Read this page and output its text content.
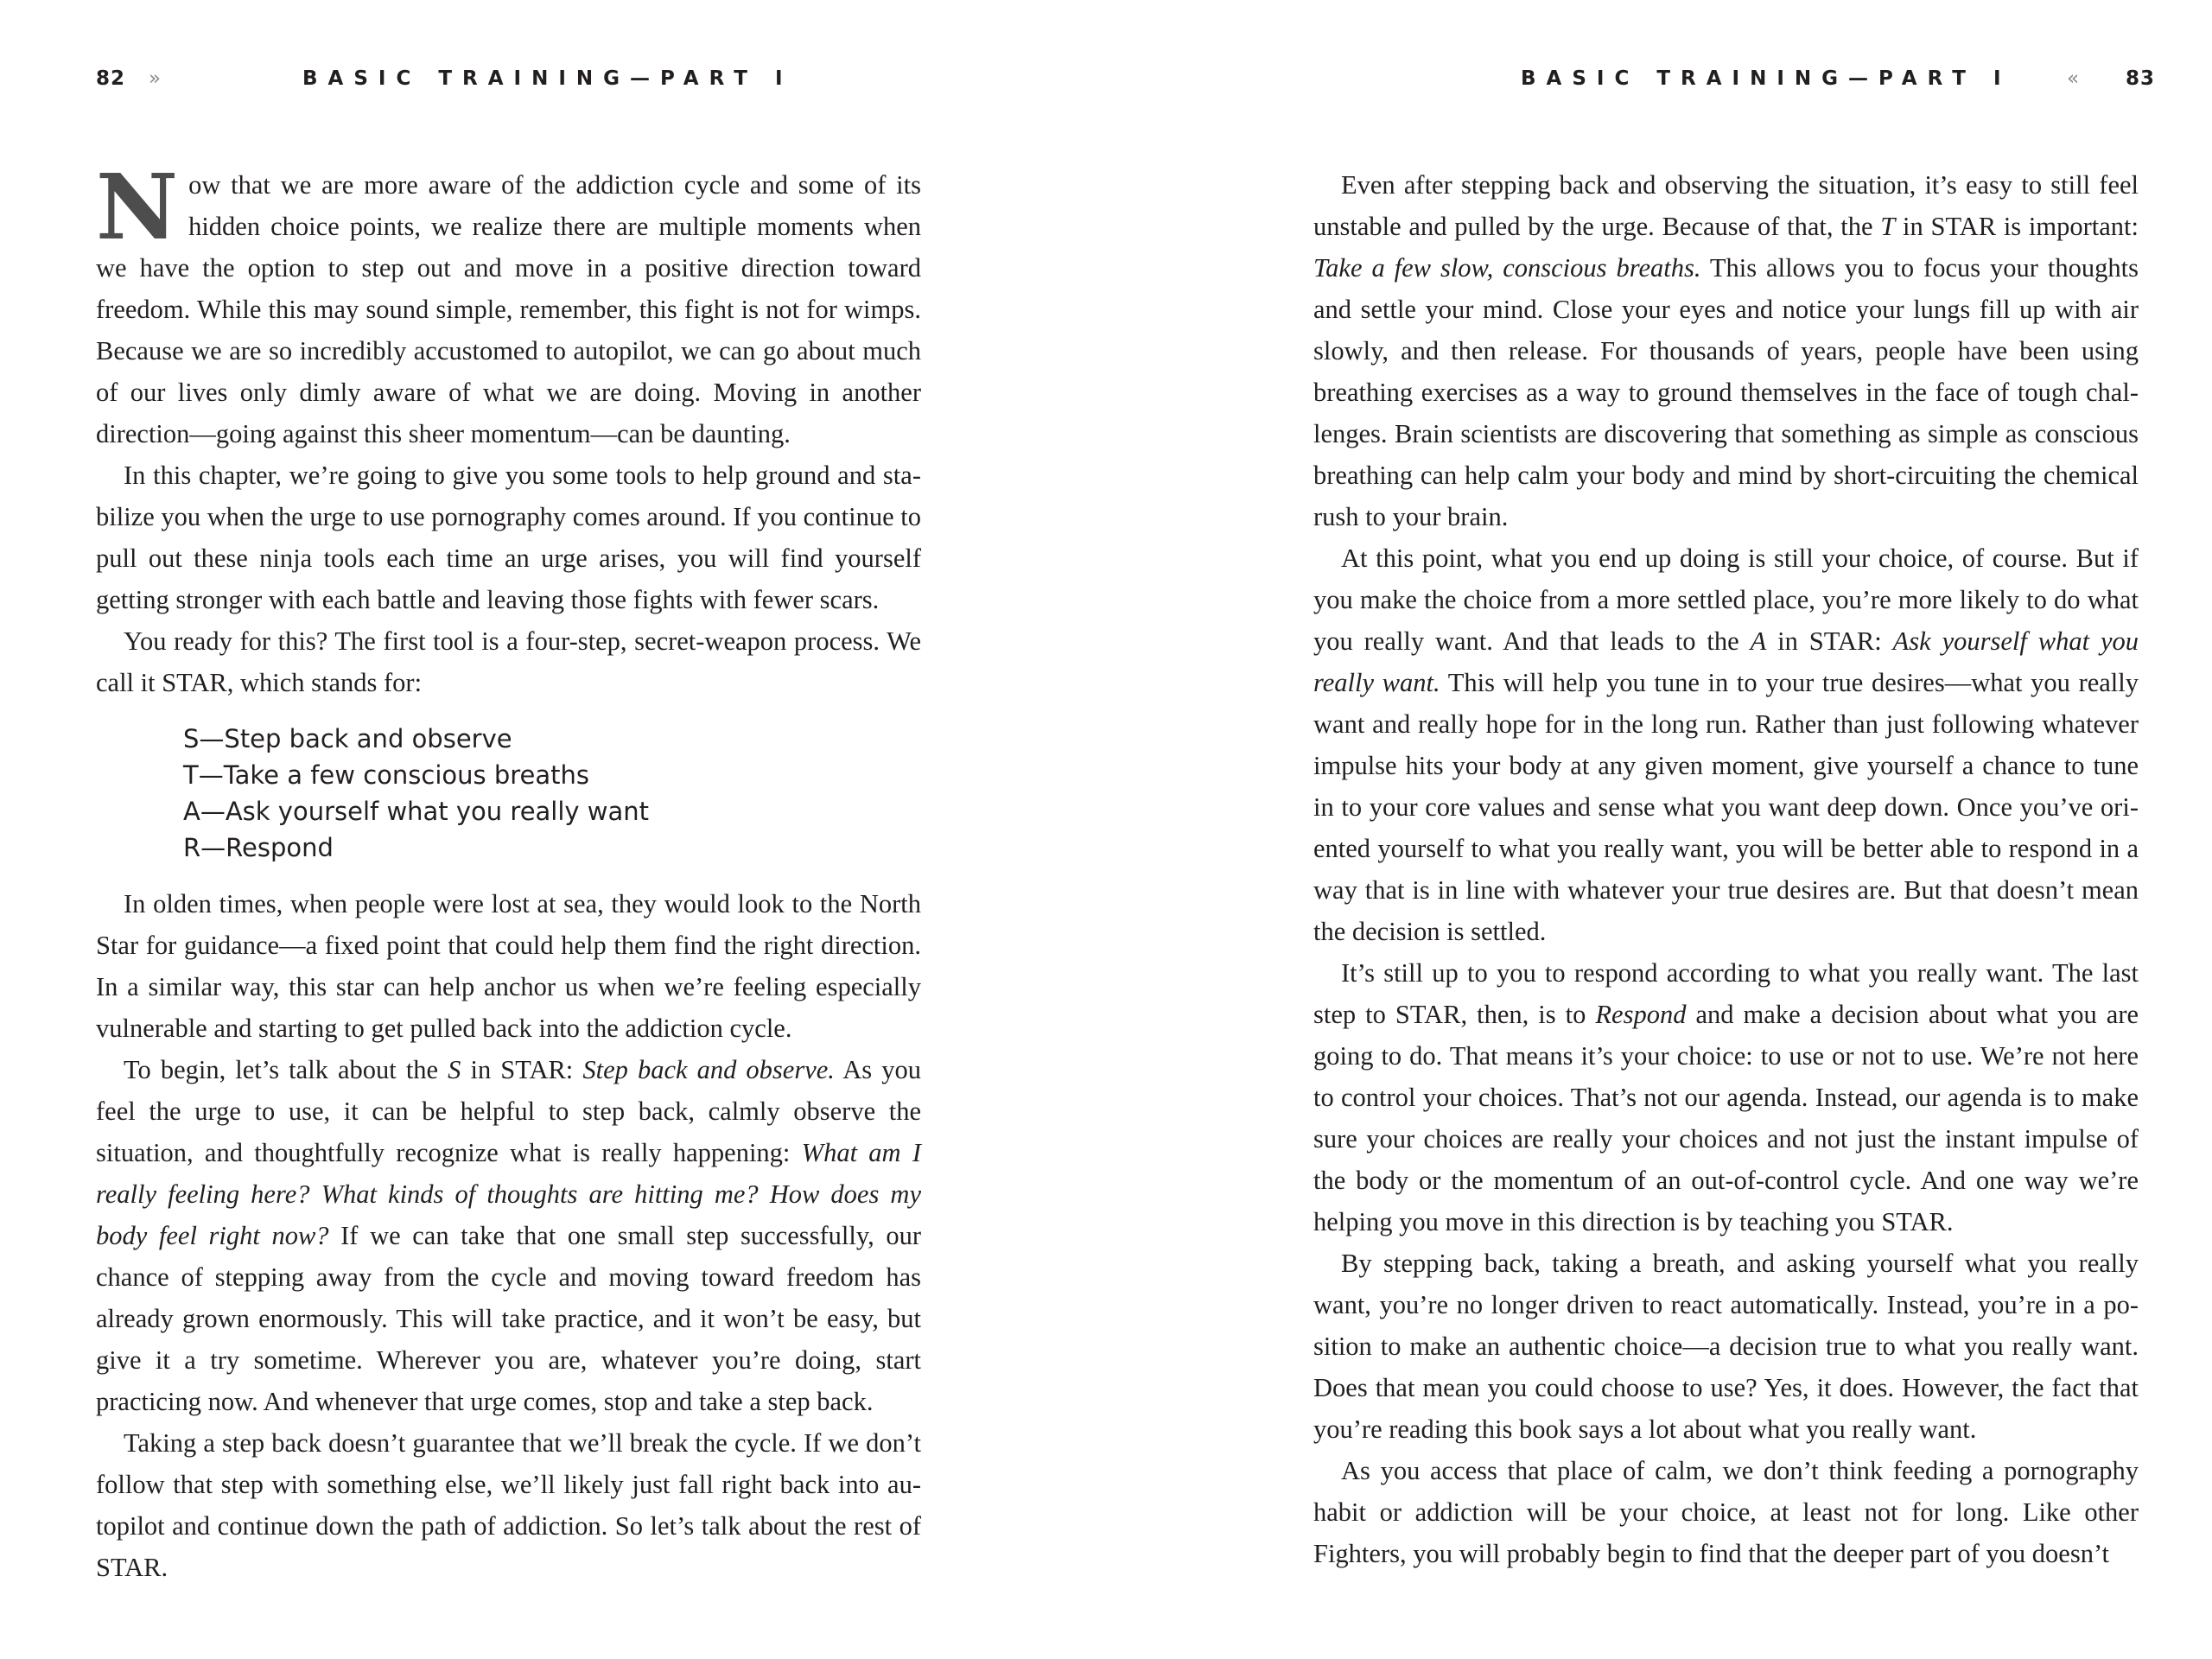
82 »	BASIC TRAINING—PART I

Now that we are more aware of the addiction cycle and some of its hidden choice points, we realize there are multiple moments when we have the option to step out and move in a positive direction toward freedom. While this may sound simple, remember, this fight is not for wimps. Because we are so incredibly accustomed to autopilot, we can go about much of our lives only dimly aware of what we are doing. Moving in another direction—going against this sheer momentum—can be daunting.

In this chapter, we’re going to give you some tools to help ground and stabilize you when the urge to use pornography comes around. If you continue to pull out these ninja tools each time an urge arises, you will find yourself getting stronger with each battle and leaving those fights with fewer scars.

You ready for this? The first tool is a four-step, secret-weapon process. We call it STAR, which stands for:

S—Step back and observe
T—Take a few conscious breaths
A—Ask yourself what you really want
R—Respond

In olden times, when people were lost at sea, they would look to the North Star for guidance—a fixed point that could help them find the right direction. In a similar way, this star can help anchor us when we’re feeling especially vulnerable and starting to get pulled back into the addiction cycle.

To begin, let’s talk about the S in STAR: Step back and observe. As you feel the urge to use, it can be helpful to step back, calmly observe the situation, and thoughtfully recognize what is really happening: What am I really feeling here? What kinds of thoughts are hitting me? How does my body feel right now? If we can take that one small step successfully, our chance of stepping away from the cycle and moving toward freedom has already grown enormously. This will take practice, and it won’t be easy, but give it a try sometime. Wherever you are, whatever you’re doing, start practicing now. And whenever that urge comes, stop and take a step back.

Taking a step back doesn’t guarantee that we’ll break the cycle. If we don’t follow that step with something else, we’ll likely just fall right back into autopilot and continue down the path of addiction. So let’s talk about the rest of STAR.

BASIC TRAINING—PART I	«	83

Even after stepping back and observing the situation, it’s easy to still feel unstable and pulled by the urge. Because of that, the T in STAR is important: Take a few slow, conscious breaths. This allows you to focus your thoughts and settle your mind. Close your eyes and notice your lungs fill up with air slowly, and then release. For thousands of years, people have been using breathing exercises as a way to ground themselves in the face of tough challenges. Brain scientists are discovering that something as simple as conscious breathing can help calm your body and mind by short-circuiting the chemical rush to your brain.

At this point, what you end up doing is still your choice, of course. But if you make the choice from a more settled place, you’re more likely to do what you really want. And that leads to the A in STAR: Ask yourself what you really want. This will help you tune in to your true desires—what you really want and really hope for in the long run. Rather than just following whatever impulse hits your body at any given moment, give yourself a chance to tune in to your core values and sense what you want deep down. Once you’ve oriented yourself to what you really want, you will be better able to respond in a way that is in line with whatever your true desires are. But that doesn’t mean the decision is settled.

It’s still up to you to respond according to what you really want. The last step to STAR, then, is to Respond and make a decision about what you are going to do. That means it’s your choice: to use or not to use. We’re not here to control your choices. That’s not our agenda. Instead, our agenda is to make sure your choices are really your choices and not just the instant impulse of the body or the momentum of an out-of-control cycle. And one way we’re helping you move in this direction is by teaching you STAR.

By stepping back, taking a breath, and asking yourself what you really want, you’re no longer driven to react automatically. Instead, you’re in a position to make an authentic choice—a decision true to what you really want. Does that mean you could choose to use? Yes, it does. However, the fact that you’re reading this book says a lot about what you really want.

As you access that place of calm, we don’t think feeding a pornography habit or addiction will be your choice, at least not for long. Like other Fighters, you will probably begin to find that the deeper part of you doesn’t
